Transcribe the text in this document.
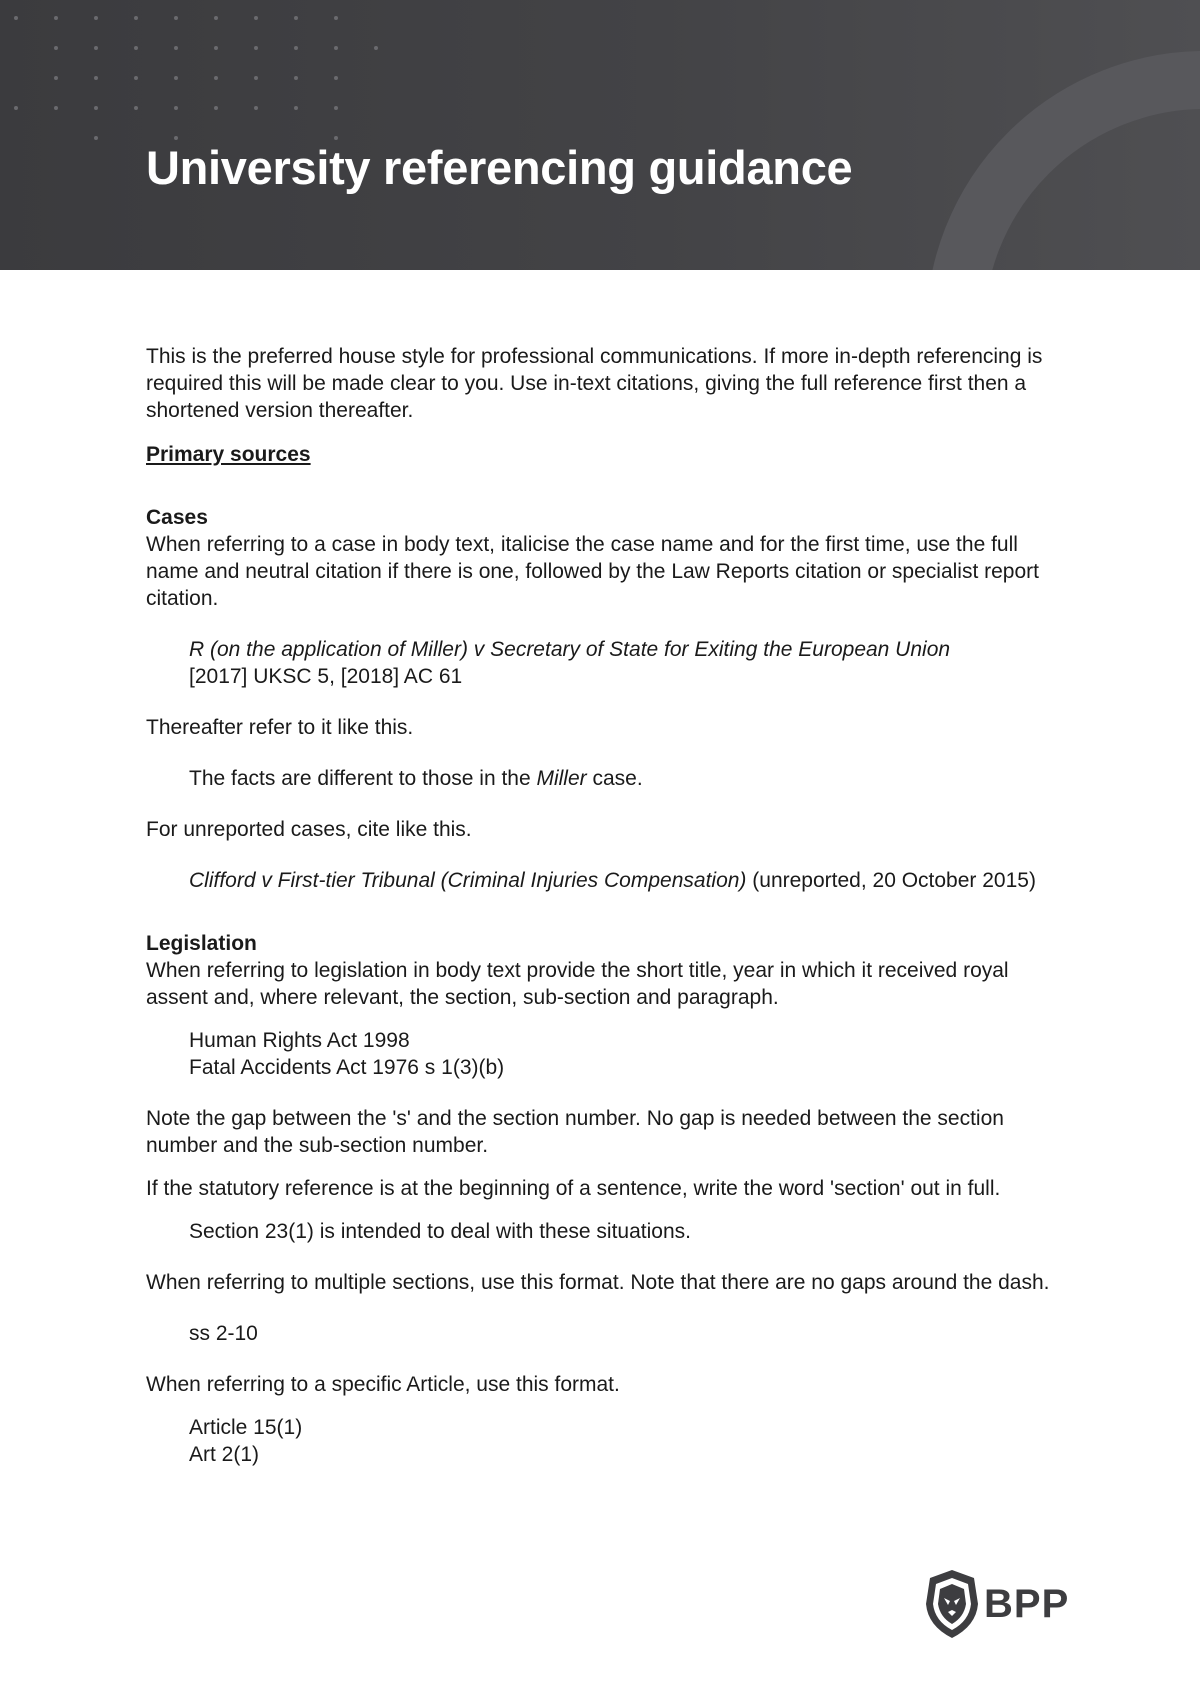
University referencing guidance

This is the preferred house style for professional communications. If more in-depth referencing is required this will be made clear to you. Use in-text citations, giving the full reference first then a shortened version thereafter.

Primary sources

Cases

When referring to a case in body text, italicise the case name and for the first time, use the full name and neutral citation if there is one, followed by the Law Reports citation or specialist report citation.

R (on the application of Miller) v Secretary of State for Exiting the European Union
[2017] UKSC 5, [2018] AC 61

Thereafter refer to it like this.

The facts are different to those in the Miller case.

For unreported cases, cite like this.

Clifford v First-tier Tribunal (Criminal Injuries Compensation) (unreported, 20 October 2015)

Legislation

When referring to legislation in body text provide the short title, year in which it received royal assent and, where relevant, the section, sub-section and paragraph.

Human Rights Act 1998
Fatal Accidents Act 1976 s 1(3)(b)

Note the gap between the 's' and the section number. No gap is needed between the section number and the sub-section number.

If the statutory reference is at the beginning of a sentence, write the word 'section' out in full.

Section 23(1) is intended to deal with these situations.

When referring to multiple sections, use this format. Note that there are no gaps around the dash.

ss 2-10

When referring to a specific Article, use this format.

Article 15(1)
Art 2(1)

BPP
